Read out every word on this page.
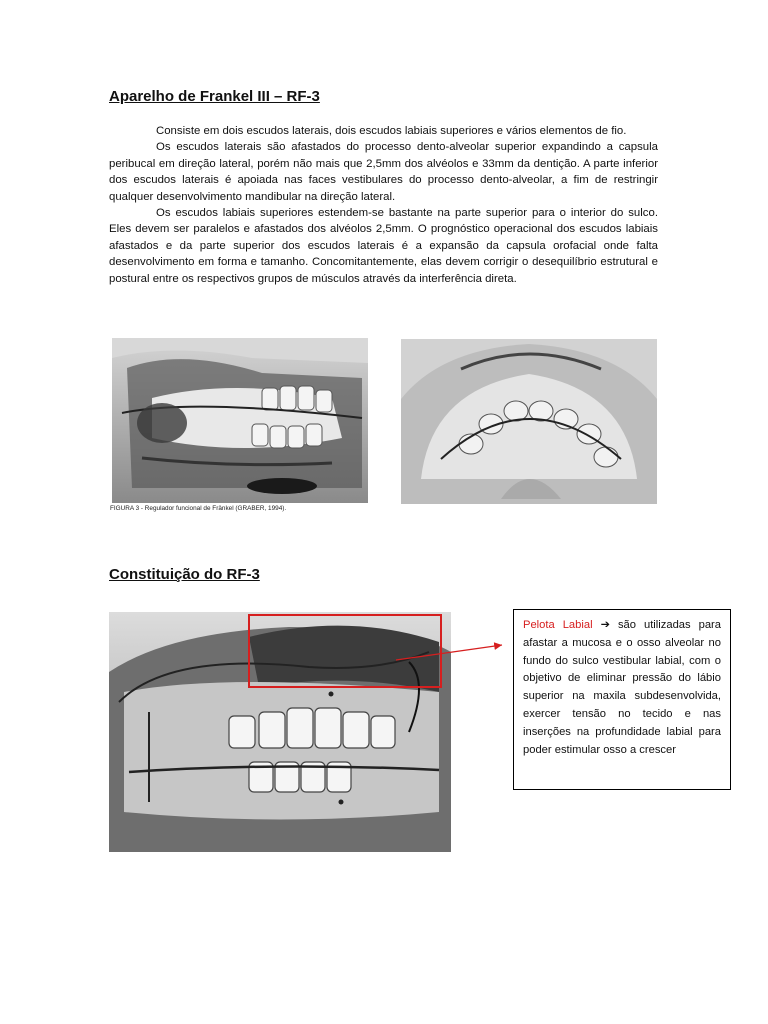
Aparelho de Frankel III – RF-3

Consiste em dois escudos laterais, dois escudos labiais superiores e vários elementos de fio.

Os escudos laterais são afastados do processo dento-alveolar superior expandindo a capsula peribucal em direção lateral, porém não mais que 2,5mm dos alvéolos e 33mm da dentição. A parte inferior dos escudos laterais é apoiada nas faces vestibulares do processo dento-alveolar, a fim de restringir qualquer desenvolvimento mandibular na direção lateral.

Os escudos labiais superiores estendem-se bastante na parte superior para o interior do sulco. Eles devem ser paralelos e afastados dos alvéolos 2,5mm. O prognóstico operacional dos escudos labiais afastados e da parte superior dos escudos laterais é a expansão da capsula orofacial onde falta desenvolvimento em forma e tamanho. Concomitantemente, elas devem corrigir o desequilíbrio estrutural e postural entre os respectivos grupos de músculos através da interferência direta.

FIGURA 3 - Regulador funcional de Fränkel (GRABER, 1994).
Constituição do RF-3
Pelota Labial ➔ são utilizadas para afastar a mucosa e o osso alveolar no fundo do sulco vestibular labial, com o objetivo de eliminar pressão do lábio superior na maxila subdesenvolvida, exercer tensão no tecido e nas inserções na profundidade labial para poder estimular osso a crescer
